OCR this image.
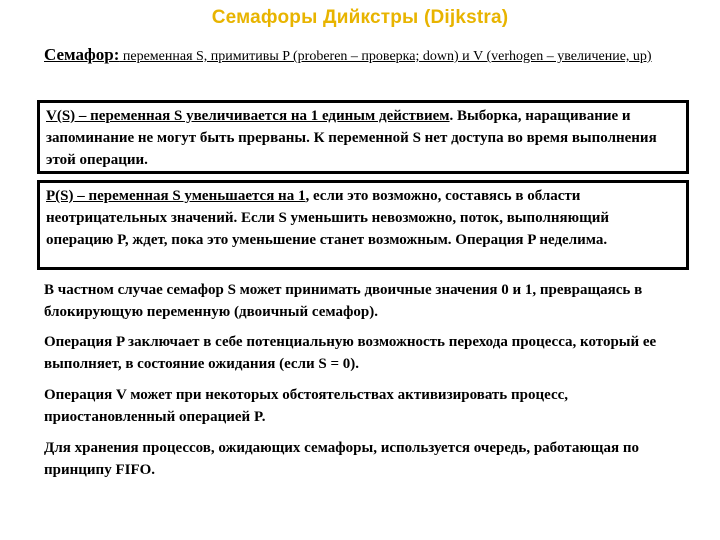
Семафоры Дийкстры (Dijkstra)
Семафор: переменная S, примитивы P (proberen – проверка; down) и V (verhogen – увеличение, up)
V(S) – переменная S увеличивается на 1 единым действием. Выборка, наращивание и запоминание не могут быть прерваны. К переменной S нет доступа во время выполнения этой операции.
P(S) – переменная S уменьшается на 1, если это возможно, составясь в области неотрицательных значений. Если S уменьшить невозможно, поток, выполняющий операцию P, ждет, пока это уменьшение станет возможным. Операция P неделима.
В частном случае семафор S может принимать двоичные значения 0 и 1, превращаясь в блокирующую переменную (двоичный семафор).
Операция P заключает в себе потенциальную возможность перехода процесса, который ее выполняет, в состояние ожидания (если S = 0).
Операция V может при некоторых обстоятельствах активизировать процесс, приостановленный операцией P.
Для хранения процессов, ожидающих семафоры, используется очередь, работающая по принципу FIFO.
